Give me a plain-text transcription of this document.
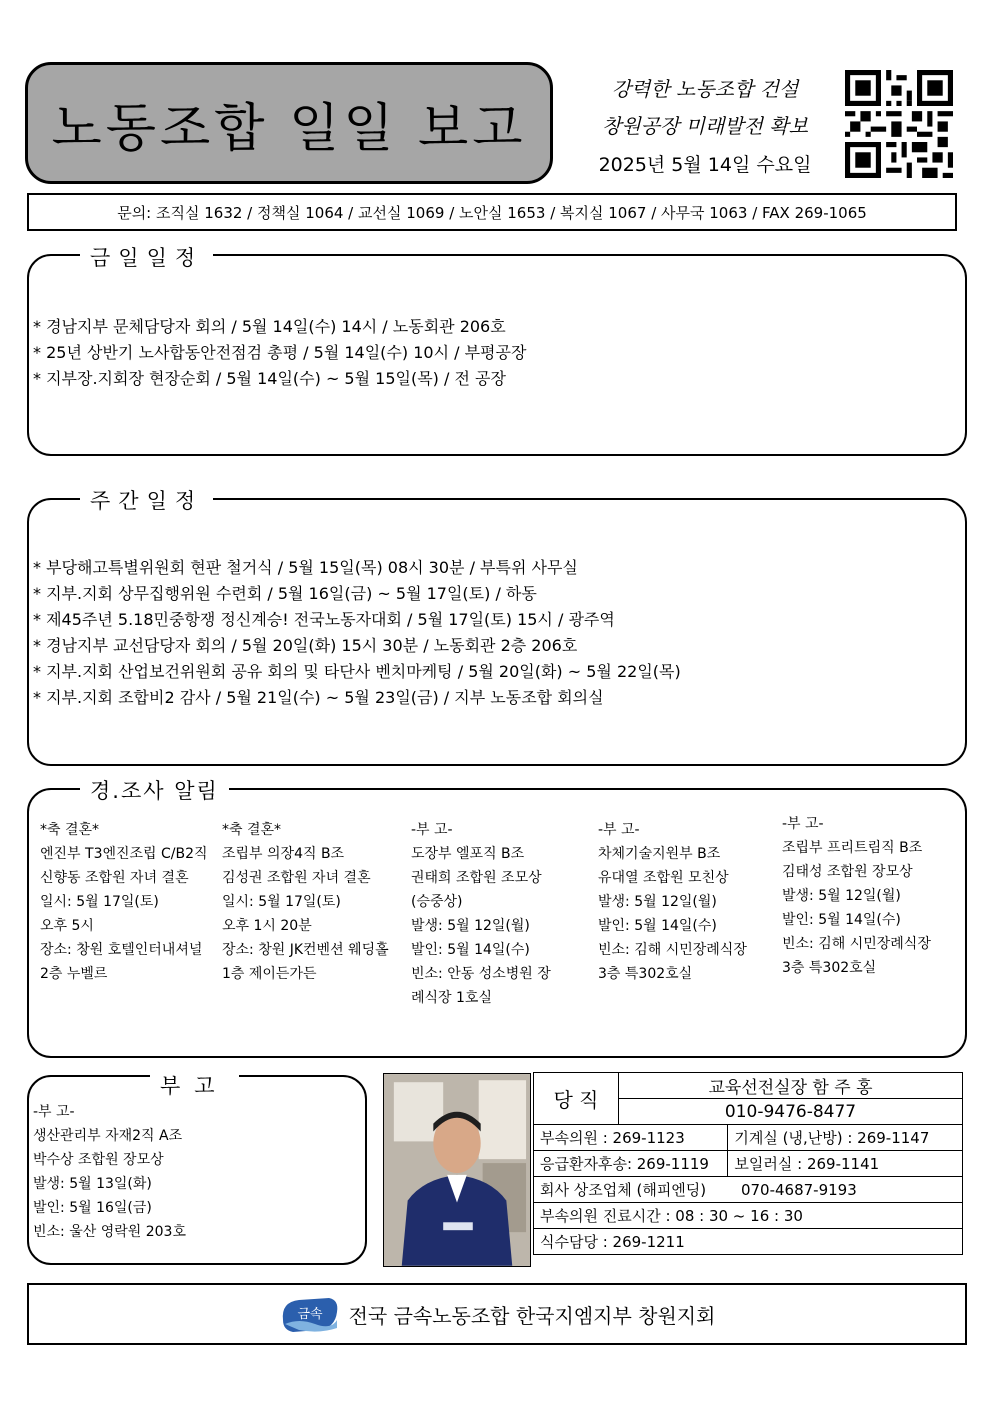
노동조합 일일 보고
강력한 노동조합 건설
창원공장 미래발전 확보
2025년 5월 14일 수요일
문의: 조직실 1632 / 정책실 1064 / 교선실 1069 / 노안실 1653 / 복지실 1067 / 사무국 1063 / FAX 269-1065
금일일정
* 경남지부 문체담당자 회의 / 5월 14일(수) 14시 / 노동회관 206호
* 25년 상반기 노사합동안전점검 총평 / 5월 14일(수) 10시 / 부평공장
* 지부장.지회장 현장순회 / 5월 14일(수) ~ 5월 15일(목) / 전 공장
주간일정
* 부당해고특별위원회 현판 철거식 / 5월 15일(목) 08시 30분 / 부특위 사무실
* 지부.지회 상무집행위원 수련회 / 5월 16일(금) ~ 5월 17일(토) / 하동
* 제45주년 5.18민중항쟁 정신계승! 전국노동자대회 / 5월 17일(토) 15시 / 광주역
* 경남지부 교선담당자 회의 / 5월 20일(화) 15시 30분 / 노동회관 2층 206호
* 지부.지회 산업보건위원회 공유 회의 및 타단사 벤치마케팅 / 5월 20일(화) ~ 5월 22일(목)
* 지부.지회 조합비2 감사 / 5월 21일(수) ~ 5월 23일(금) / 지부 노동조합 회의실
경.조사 알림
*축 결혼*
엔진부 T3엔진조립 C/B2직
신향동 조합원 자녀 결혼
일시: 5월 17일(토)
오후 5시
장소: 창원 호텔인터내셔널
2층 누벨르
*축 결혼*
조립부 의장4직 B조
김성권 조합원 자녀 결혼
일시: 5월 17일(토)
오후 1시 20분
장소: 창원 JK컨벤션 웨딩홀
1층 제이든가든
-부 고-
도장부 엘포직 B조
권태희 조합원 조모상
(승중상)
발생: 5월 12일(월)
발인: 5월 14일(수)
빈소: 안동 성소병원 장
례식장 1호실
-부 고-
차체기술지원부 B조
유대열 조합원 모친상
발생: 5월 12일(월)
발인: 5월 14일(수)
빈소: 김해 시민장례식장
3층 특302호실
-부 고-
조립부 프리트림직 B조
김태성 조합원 장모상
발생: 5월 12일(월)
발인: 5월 14일(수)
빈소: 김해 시민장례식장
3층 특302호실
부고
-부 고-
생산관리부 자재2직 A조
박수상 조합원 장모상
발생: 5월 13일(화)
발인: 5월 16일(금)
빈소: 울산 영락원 203호
당 직	교육선전실장 함 주 홍	
	010-9476-8477	
부속의원 : 269-1123		기계실 (냉,난방) : 269-1147
응급환자후송: 269-1119		보일러실 : 269-1141
회사 상조업체 (해피엔딩) 070-4687-9193		
부속의원 진료시간 : 08 : 30 ~ 16 : 30		
식수담당 : 269-1211		
금속 전국 금속노동조합 한국지엠지부 창원지회
